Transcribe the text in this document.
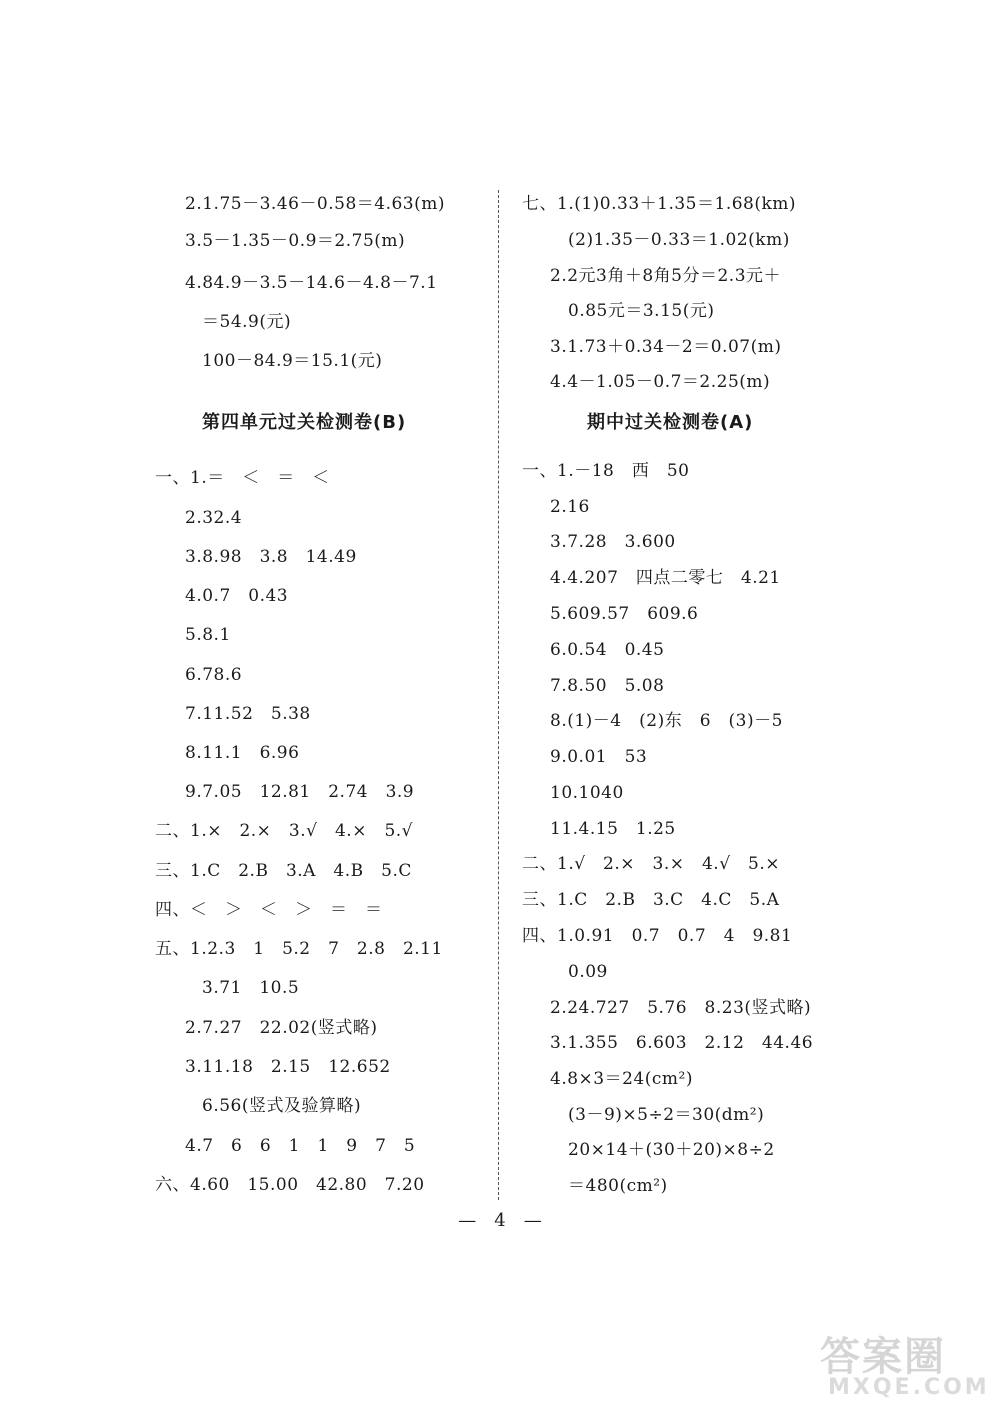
2.1.75－3.46－0.58＝4.63(m)
3.5－1.35－0.9＝2.75(m)
4.84.9－3.5－14.6－4.8－7.1
＝54.9(元)
100－84.9＝15.1(元)
第四单元过关检测卷(B)
一、1.＝　＜　＝　＜
2.32.4
3.8.98　3.8　14.49
4.0.7　0.43
5.8.1
6.78.6
7.11.52　5.38
8.11.1　6.96
9.7.05　12.81　2.74　3.9
二、1.×　2.×　3.√　4.×　5.√
三、1.C　2.B　3.A　4.B　5.C
四、＜　＞　＜　＞　＝　＝
五、1.2.3　1　5.2　7　2.8　2.11
3.71　10.5
2.7.27　22.02(竖式略)
3.11.18　2.15　12.652
6.56(竖式及验算略)
4.7　6　6　1　1　9　7　5
六、4.60　15.00　42.80　7.20
七、1.(1)0.33＋1.35＝1.68(km)
(2)1.35－0.33＝1.02(km)
2.2元3角＋8角5分＝2.3元＋
0.85元＝3.15(元)
3.1.73＋0.34－2＝0.07(m)
4.4－1.05－0.7＝2.25(m)
期中过关检测卷(A)
一、1.－18　西　50
2.16
3.7.28　3.600
4.4.207　四点二零七　4.21
5.609.57　609.6
6.0.54　0.45
7.8.50　5.08
8.(1)－4　(2)东　6　(3)－5
9.0.01　53
10.1040
11.4.15　1.25
二、1.√　2.×　3.×　4.√　5.×
三、1.C　2.B　3.C　4.C　5.A
四、1.0.91　0.7　0.7　4　9.81
0.09
2.24.727　5.76　8.23(竖式略)
3.1.355　6.603　2.12　44.46
4.8×3＝24(cm²)
(3－9)×5÷2＝30(dm²)
20×14＋(30＋20)×8÷2
＝480(cm²)
—　4　—
答案圈
MXQE.COM
